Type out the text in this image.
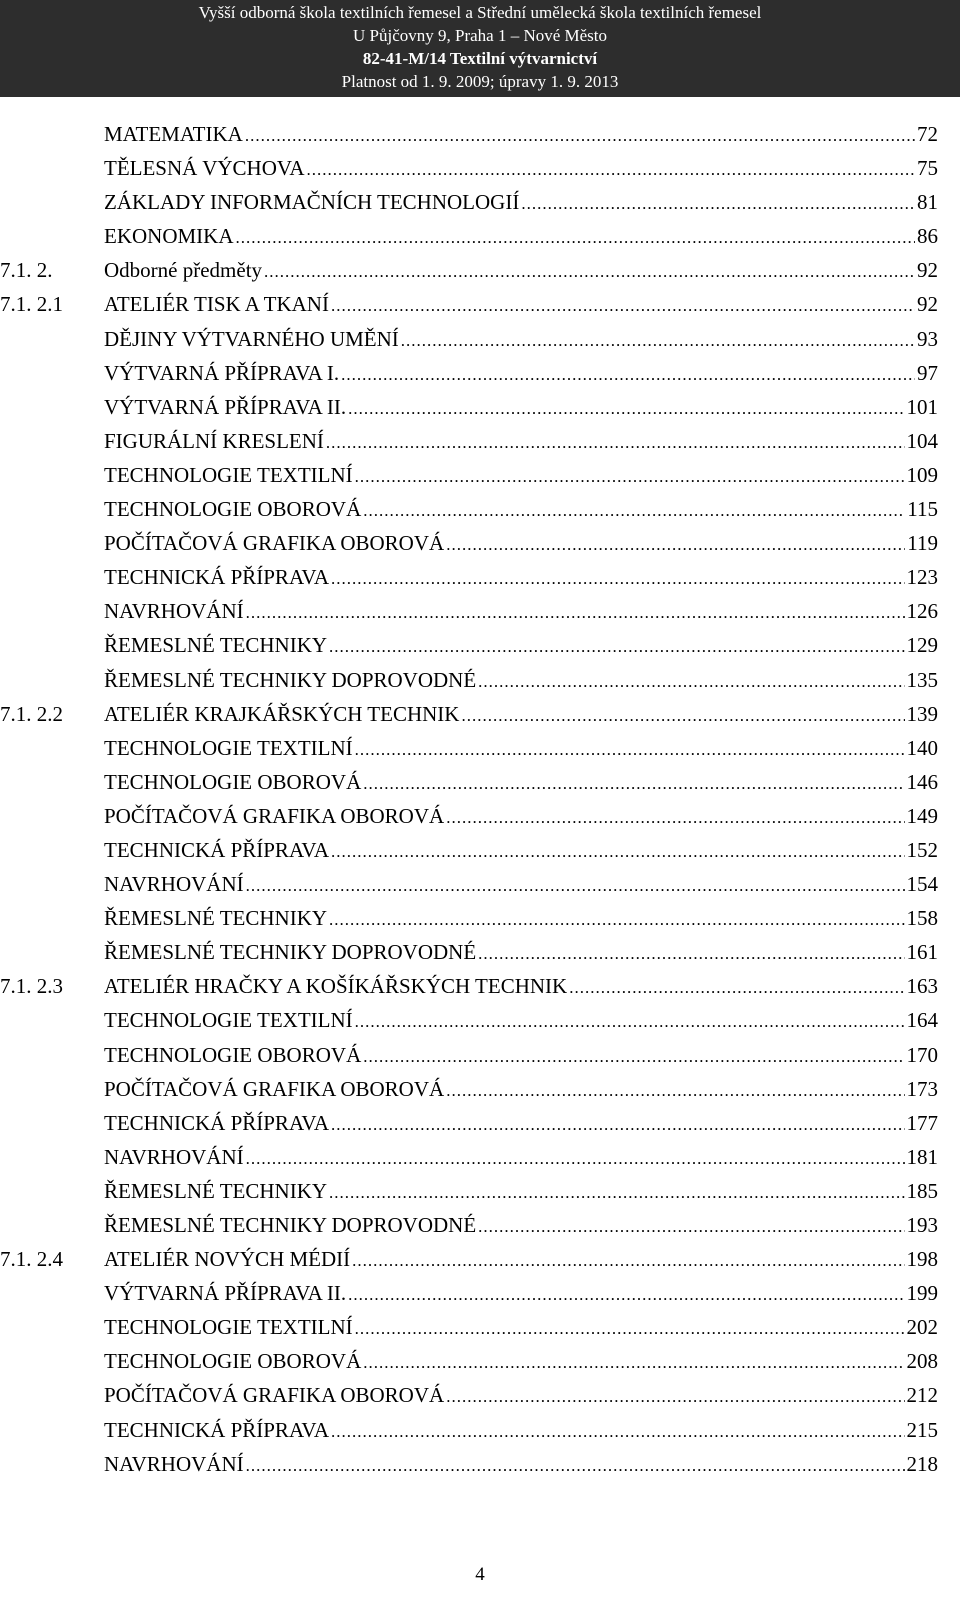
Vyšší odborná škola textilních řemesel a Střední umělecká škola textilních řemesel
U Půjčovny 9, Praha 1 – Nové Město
82-41-M/14 Textilní výtvarnictví
Platnost od 1. 9. 2009; úpravy 1. 9. 2013
MATEMATIKA .....	72
TĚLESNÁ VÝCHOVA .....	75
ZÁKLADY INFORMAČNÍCH TECHNOLOGIÍ .....	81
EKONOMIKA .....	86
7.1. 2. Odborné předměty .....	92
7.1. 2.1 ATELIÉR TISK A TKANÍ .....	92
DĚJINY VÝTVARNÉHO UMĚNÍ .....	93
VÝTVARNÁ PŘÍPRAVA I. .....	97
VÝTVARNÁ PŘÍPRAVA II. .....	101
FIGURÁLNÍ KRESLENÍ .....	104
TECHNOLOGIE TEXTILNÍ .....	109
TECHNOLOGIE OBOROVÁ .....	115
POČÍTAČOVÁ GRAFIKA OBOROVÁ .....	119
TECHNICKÁ PŘÍPRAVA .....	123
NAVRHOVÁNÍ .....	126
ŘEMESLNÉ TECHNIKY .....	129
ŘEMESLNÉ TECHNIKY DOPROVODNÉ .....	135
7.1. 2.2 ATELIÉR KRAJKÁŘSKÝCH TECHNIK .....	139
TECHNOLOGIE TEXTILNÍ .....	140
TECHNOLOGIE OBOROVÁ .....	146
POČÍTAČOVÁ GRAFIKA OBOROVÁ .....	149
TECHNICKÁ PŘÍPRAVA .....	152
NAVRHOVÁNÍ .....	154
ŘEMESLNÉ TECHNIKY .....	158
ŘEMESLNÉ TECHNIKY DOPROVODNÉ .....	161
7.1. 2.3 ATELIÉR HRAČKY A KOŠÍKÁŘSKÝCH TECHNIK .....	163
TECHNOLOGIE TEXTILNÍ .....	164
TECHNOLOGIE OBOROVÁ .....	170
POČÍTAČOVÁ GRAFIKA OBOROVÁ .....	173
TECHNICKÁ PŘÍPRAVA .....	177
NAVRHOVÁNÍ .....	181
ŘEMESLNÉ TECHNIKY .....	185
ŘEMESLNÉ TECHNIKY DOPROVODNÉ .....	193
7.1. 2.4 ATELIÉR NOVÝCH MÉDIÍ .....	198
VÝTVARNÁ PŘÍPRAVA II. .....	199
TECHNOLOGIE TEXTILNÍ .....	202
TECHNOLOGIE OBOROVÁ .....	208
POČÍTAČOVÁ GRAFIKA OBOROVÁ .....	212
TECHNICKÁ PŘÍPRAVA .....	215
NAVRHOVÁNÍ .....	218
4
